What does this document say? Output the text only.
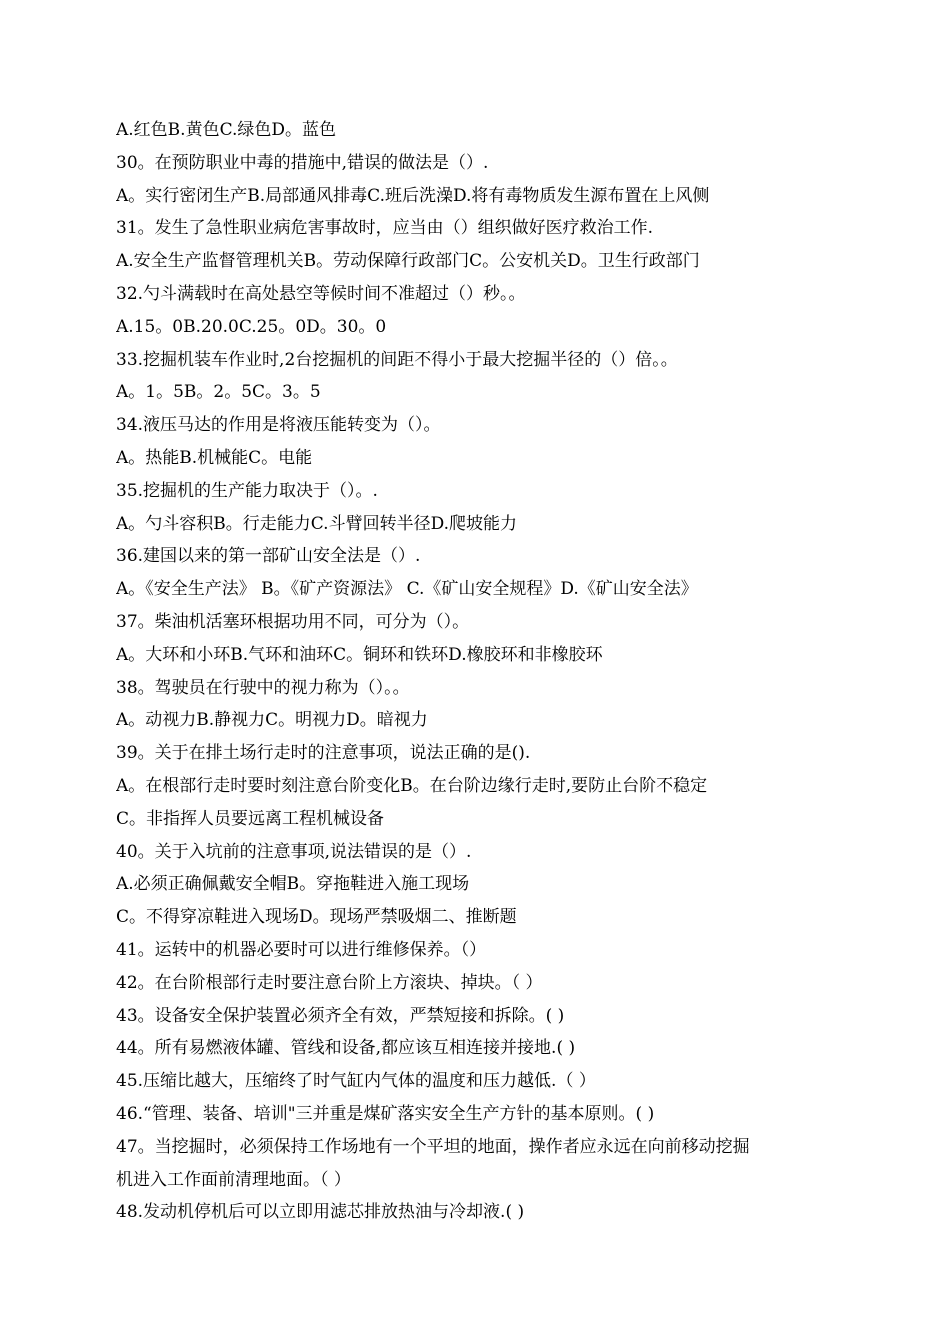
A.红色B.黄色C.绿色D。蓝色
30。在预防职业中毒的措施中,错误的做法是（）.
A。实行密闭生产B.局部通风排毒C.班后洗澡D.将有毒物质发生源布置在上风侧
31。发生了急性职业病危害事故时，应当由（）组织做好医疗救治工作.
A.安全生产监督管理机关B。劳动保障行政部门C。公安机关D。卫生行政部门
32.勺斗满载时在高处悬空等候时间不准超过（）秒。。
A.15。0B.20.0C.25。0D。30。0
33.挖掘机装车作业时,2台挖掘机的间距不得小于最大挖掘半径的（）倍。。
A。1。5B。2。5C。3。5
34.液压马达的作用是将液压能转变为（）。
A。热能B.机械能C。电能
35.挖掘机的生产能力取决于（）。.
A。勺斗容积B。行走能力C.斗臂回转半径D.爬坡能力
36.建国以来的第一部矿山安全法是（）.
A。《安全生产法》 B。《矿产资源法》 C.《矿山安全规程》D.《矿山安全法》
37。柴油机活塞环根据功用不同，可分为（）。
A。大环和小环B.气环和油环C。铜环和铁环D.橡胶环和非橡胶环
38。驾驶员在行驶中的视力称为（）。。
A。动视力B.静视力C。明视力D。暗视力
39。关于在排土场行走时的注意事项，说法正确的是().
A。在根部行走时要时刻注意台阶变化B。在台阶边缘行走时,要防止台阶不稳定
C。非指挥人员要远离工程机械设备
40。关于入坑前的注意事项,说法错误的是（）.
A.必须正确佩戴安全帽B。穿拖鞋进入施工现场
C。不得穿凉鞋进入现场D。现场严禁吸烟二、推断题
41。运转中的机器必要时可以进行维修保养。（）
42。在台阶根部行走时要注意台阶上方滚块、掉块。（ ）
43。设备安全保护装置必须齐全有效，严禁短接和拆除。( )
44。所有易燃液体罐、管线和设备,都应该互相连接并接地.( )
45.压缩比越大，压缩终了时气缸内气体的温度和压力越低.（ ）
46.“管理、装备、培训"三并重是煤矿落实安全生产方针的基本原则。( )
47。当挖掘时，必须保持工作场地有一个平坦的地面，操作者应永远在向前移动挖掘
机进入工作面前清理地面。（ ）
48.发动机停机后可以立即用滤芯排放热油与冷却液.( )
